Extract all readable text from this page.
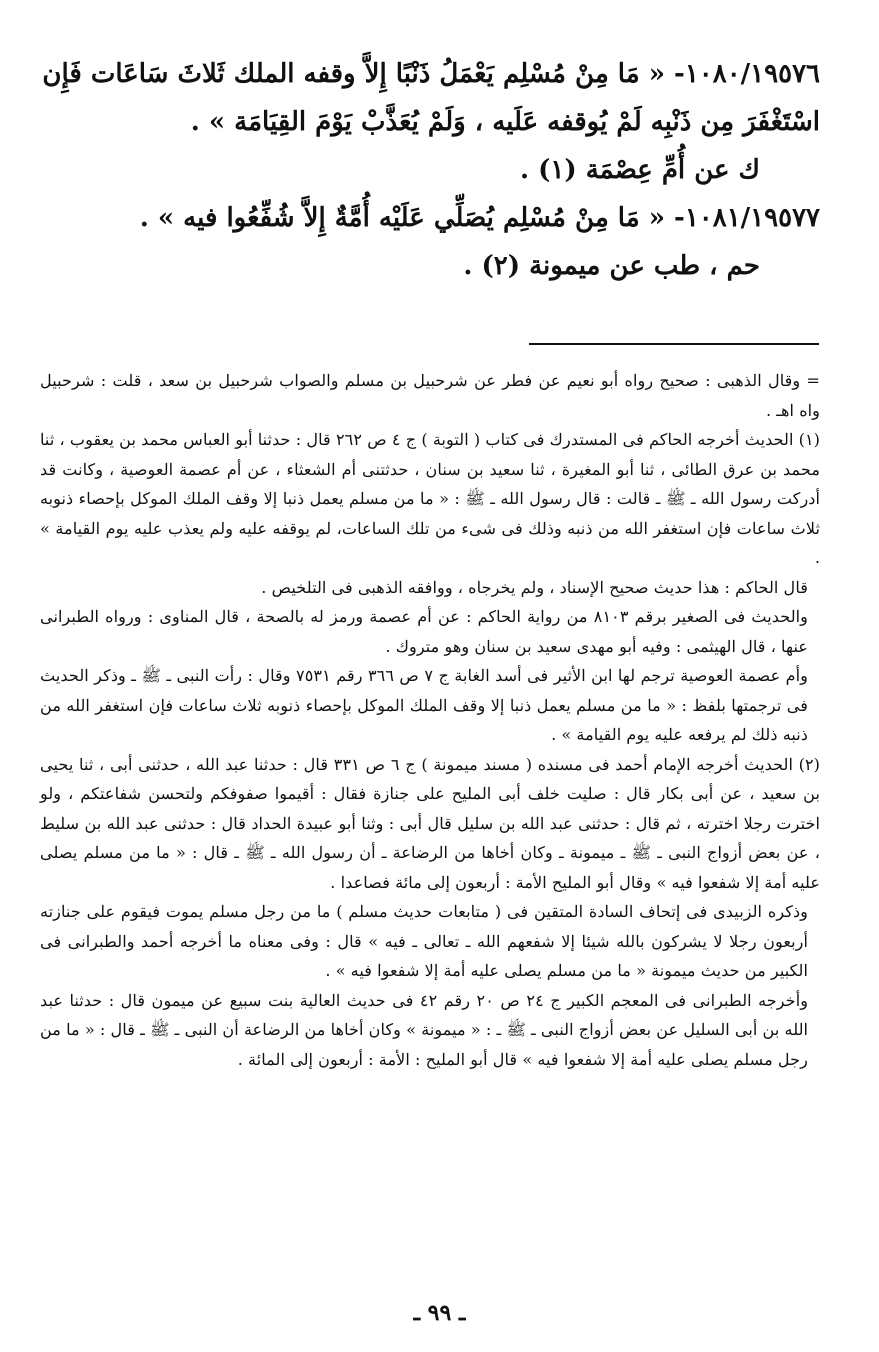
١٠٨٠/١٩٥٧٦- « مَا مِنْ مُسْلِم يَعْمَلُ ذَنْبًا إِلاَّ وقفه الملك ثَلاثَ سَاعَات فَإِن اسْتَغْفَرَ مِن ذَنْبِه لَمْ يُوقفه عَلَيه ، وَلَمْ يُعَذَّبْ يَوْمَ القِيَامَة » .

ك عن أُمِّ عِصْمَة (١) .

١٠٨١/١٩٥٧٧- « مَا مِنْ مُسْلِم يُصَلِّي عَلَيْه أُمَّةٌ إِلاَّ شُفِّعُوا فيه » .

حم ، طب عن ميمونة (٢) .

= وقال الذهبى : صحيح رواه أبو نعيم عن فطر عن شرحبيل بن مسلم والصواب شرحبيل بن سعد ، قلت : شرحبيل واه اهـ .

(١) الحديث أخرجه الحاكم فى المستدرك فى كتاب ( التوبة ) ج ٤ ص ٢٦٢ قال : حدثنا أبو العباس محمد بن يعقوب ، ثنا محمد بن عرق الطائى ، ثنا أبو المغيرة ، ثنا سعيد بن سنان ، حدثتنى أم الشعثاء ، عن أم عصمة العوصية ، وكانت قد أدركت رسول الله ـ ﷺ ـ قالت : قال رسول الله ـ ﷺ : « ما من مسلم يعمل ذنبا إلا وقف الملك الموكل بإحصاء ذنوبه ثلاث ساعات فإن استغفر الله من ذنبه وذلك فى شىء من تلك الساعات، لم يوقفه عليه ولم يعذب عليه يوم القيامة » .

قال الحاكم : هذا حديث صحيح الإسناد ، ولم يخرجاه ، ووافقه الذهبى فى التلخيص .

والحديث فى الصغير برقم ٨١٠٣ من رواية الحاكم : عن أم عصمة ورمز له بالصحة ، قال المناوى : ورواه الطبرانى عنها ، قال الهيثمى : وفيه أبو مهدى سعيد بن سنان وهو متروك .

وأم عصمة العوصية ترجم لها ابن الأثير فى أسد الغابة ج ٧ ص ٣٦٦ رقم ٧٥٣١ وقال : رأت النبى ـ ﷺ ـ وذكر الحديث فى ترجمتها بلفظ : « ما من مسلم يعمل ذنبا إلا وقف الملك الموكل بإحصاء ذنوبه ثلاث ساعات فإن استغفر الله من ذنبه ذلك لم يرفعه عليه يوم القيامة » .

(٢) الحديث أخرجه الإمام أحمد فى مسنده ( مسند ميمونة ) ج ٦ ص ٣٣١ قال : حدثنا عبد الله ، حدثنى أبى ، ثنا يحيى بن سعيد ، عن أبى بكار قال : صليت خلف أبى المليح على جنازة فقال : أقيموا صفوفكم ولتحسن شفاعتكم ، ولو اخترت رجلا اخترته ، ثم قال : حدثنى عبد الله بن سليل قال أبى : وثنا أبو عبيدة الحداد قال : حدثنى عبد الله بن سليط ، عن بعض أزواج النبى ـ ﷺ ـ ميمونة ـ وكان أخاها من الرضاعة ـ أن رسول الله ـ ﷺ ـ قال : « ما من مسلم يصلى عليه أمة إلا شفعوا فيه » وقال أبو المليح الأمة : أربعون إلى مائة فصاعدا .

وذكره الزبيدى فى إتحاف السادة المتقين فى ( متابعات حديث مسلم ) ما من رجل مسلم يموت فيقوم على جنازته أربعون رجلا لا يشركون بالله شيئا إلا شفعهم الله ـ تعالى ـ فيه » قال : وفى معناه ما أخرجه أحمد والطبرانى فى الكبير من حديث ميمونة « ما من مسلم يصلى عليه أمة إلا شفعوا فيه » .

وأخرجه الطبرانى فى المعجم الكبير ج ٢٤ ص ٢٠ رقم ٤٢ فى حديث العالية بنت سبيع عن ميمون قال : حدثنا عبد الله بن أبى السليل عن بعض أزواج النبى ـ ﷺ ـ : « ميمونة » وكان أخاها من الرضاعة أن النبى ـ ﷺ ـ قال : « ما من رجل مسلم يصلى عليه أمة إلا شفعوا فيه » قال أبو المليح : الأمة : أربعون إلى المائة .

ـ ٩٩ ـ
